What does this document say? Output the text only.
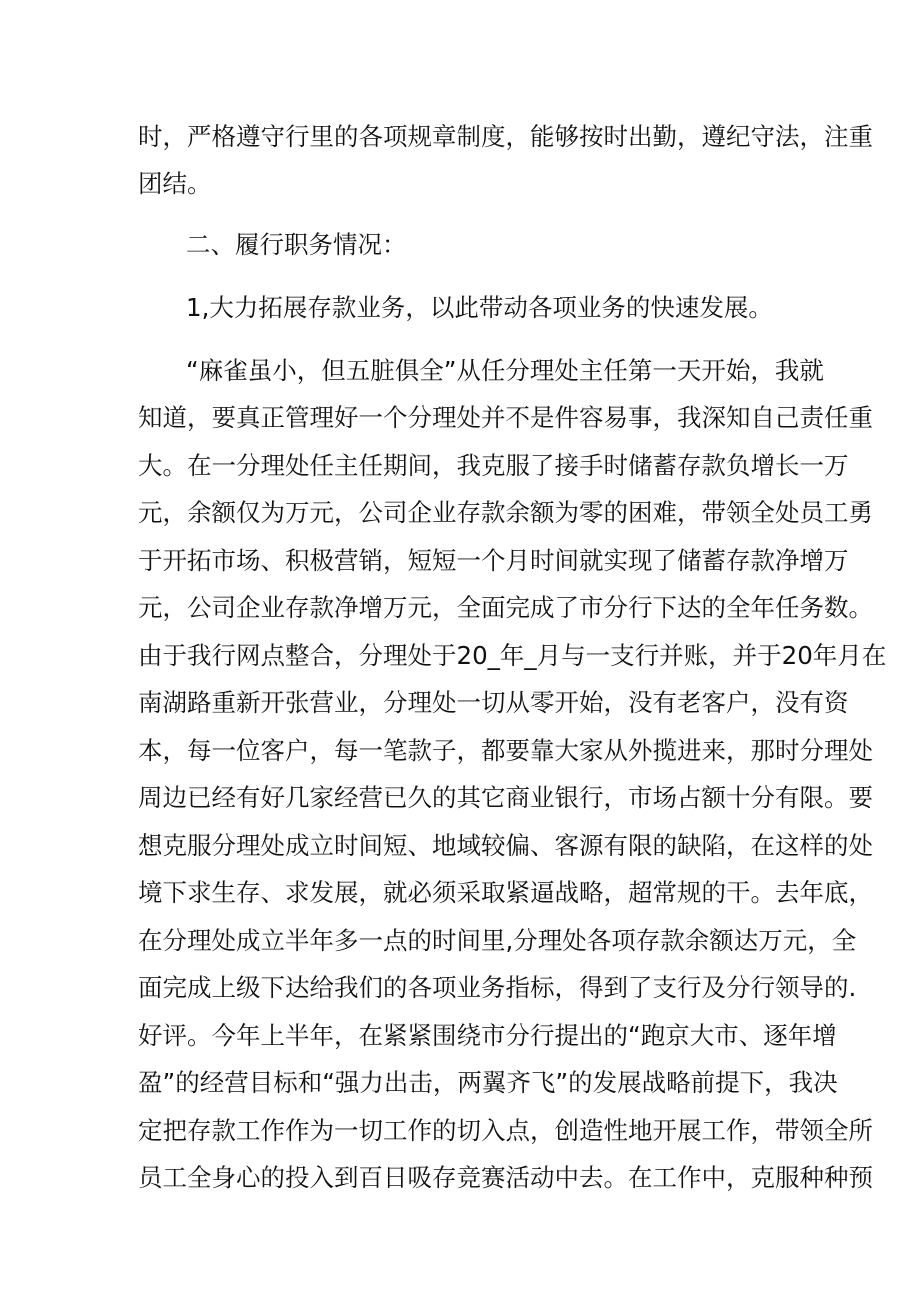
时，严格遵守行里的各项规章制度，能够按时出勤，遵纪守法，注重
团结。
二、履行职务情况：
1,大力拓展存款业务，以此带动各项业务的快速发展。
“麻雀虽小，但五脏俱全”从任分理处主任第一天开始，我就
知道，要真正管理好一个分理处并不是件容易事，我深知自己责任重
大。在一分理处任主任期间，我克服了接手时储蓄存款负增长一万
元，余额仅为万元，公司企业存款余额为零的困难，带领全处员工勇
于开拓市场、积极营销，短短一个月时间就实现了储蓄存款净增万
元，公司企业存款净增万元，全面完成了市分行下达的全年任务数。
由于我行网点整合，分理处于20_年_月与一支行并账，并于20年月在
南湖路重新开张营业，分理处一切从零开始，没有老客户，没有资
本，每一位客户，每一笔款子，都要靠大家从外揽进来，那时分理处
周边已经有好几家经营已久的其它商业银行，市场占额十分有限。要
想克服分理处成立时间短、地域较偏、客源有限的缺陷，在这样的处
境下求生存、求发展，就必须采取紧逼战略，超常规的干。去年底，
在分理处成立半年多一点的时间里,分理处各项存款余额达万元，全
面完成上级下达给我们的各项业务指标，得到了支行及分行领导的.
好评。今年上半年，在紧紧围绕市分行提出的“跑京大市、逐年增
盈”的经营目标和“强力出击，两翼齐飞”的发展战略前提下，我决
定把存款工作作为一切工作的切入点，创造性地开展工作，带领全所
员工全身心的投入到百日吸存竞赛活动中去。在工作中，克服种种预
